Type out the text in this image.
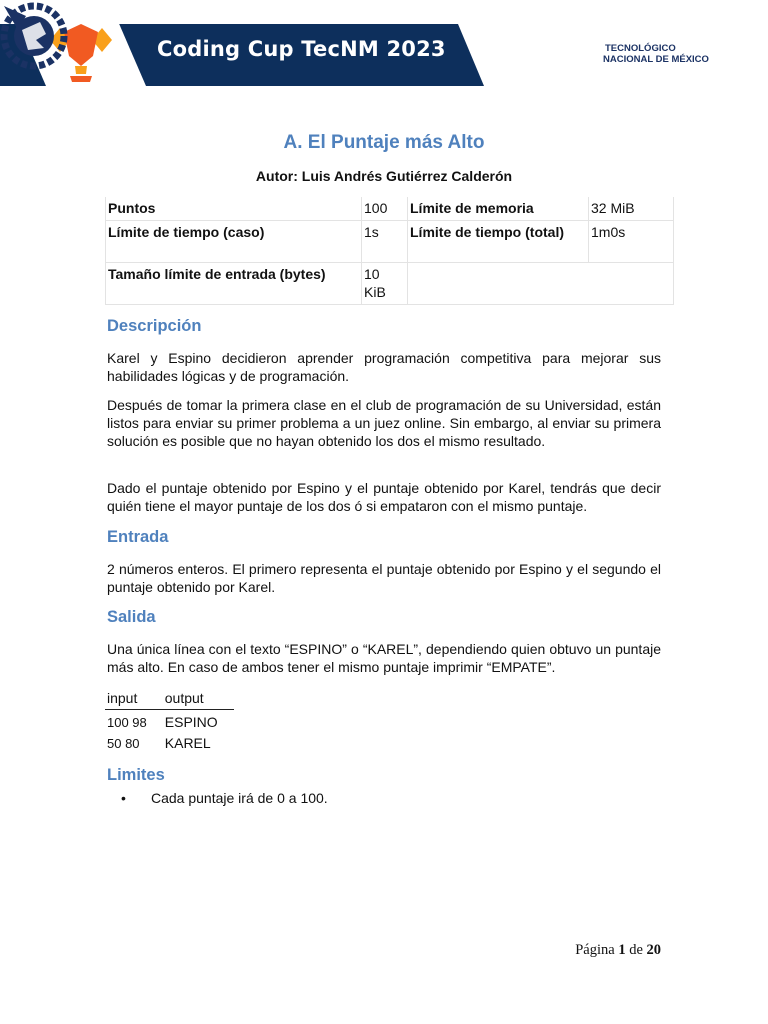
Coding Cup TecNM 2023	TECNOLÓGICO
NACIONAL DE MÉXICO
A. El Puntaje más Alto
Autor: Luis Andrés Gutiérrez Calderón
Puntos	100	Límite de memoria	32 MiB
Límite de tiempo (caso)	1s	Límite de tiempo (total)	1m0s
Tamaño límite de entrada (bytes)	10 KiB		
Descripción
Karel y Espino decidieron aprender programación competitiva para mejorar sus habilidades lógicas y de programación.
Después de tomar la primera clase en el club de programación de su Universidad, están listos para enviar su primer problema a un juez online. Sin embargo, al enviar su primera solución es posible que no hayan obtenido los dos el mismo resultado.
Dado el puntaje obtenido por Espino y el puntaje obtenido por Karel, tendrás que decir quién tiene el mayor puntaje de los dos ó si empataron con el mismo puntaje.
Entrada
2 números enteros. El primero representa el puntaje obtenido por Espino y el segundo el puntaje obtenido por Karel.
Salida
Una única línea con el texto “ESPINO” o “KAREL”, dependiendo quien obtuvo un puntaje más alto. En caso de ambos tener el mismo puntaje imprimir “EMPATE”.
input	output
100 98	ESPINO
50 80	KAREL
Limites
• Cada puntaje irá de 0 a 100.
Página 1 de 20
